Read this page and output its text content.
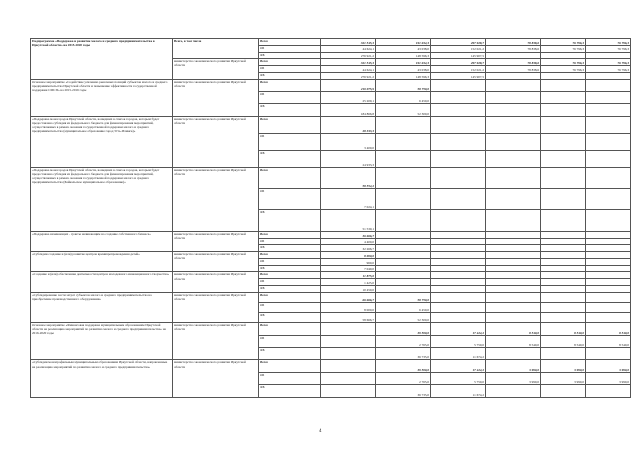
Подпрограмма «Поддержка и развитие малого и среднего предпринимательства в Иркутской области» на 2015-2020 годы	Всего, в том числе	Всего	321 545,3	191 634,3	297 928,7	78 838,6	76 796,3	76 796,3
		ОБ	44 624,1	43 038,0	152 021,2	78 838,6	76 796,3	76 796,3
		ФБ	276 921,2	148 596,3	145 907,5			
	министерство экономического развития Иркутской области	Всего	321 545,3	191 634,3	297 928,7	78 838,6	76 796,3	76 796,3
		ОБ	44 624,1	43 038,0	152 021,2	78 838,6	76 796,3	76 796,3
		ФБ	276 921,2	148 596,3	145 907,5			
Основное мероприятие «Содействие усилению рыночных позиций субъектов малого и среднего предпринимательства Иркутской области и повышение эффективности государственной поддержки СМСП» на 2015-2016 годы	министерство экономического развития Иркутской области	Всего	210 075,9	58 750,0				
		ОБ	25 209,1	6 450,0				
		ФБ	184 866,8	52 300,0				
«Поддержка моногородов Иркутской области, вошедших в список городов, которым будет предоставлена субсидия из федерального бюджета для финансирования мероприятий, осуществляемых в рамках оказания государственной поддержки малого и среднего предпринимательства (муниципальное образование город Усть-Илимск)»	министерство экономического развития Иркутской области	Всего	28 333,3					
		ОБ	3 400,0					
		ФБ	24 933,3					
«Поддержка моногородов Иркутской области, вошедших в список городов, которым будет предоставлена субсидия из федерального бюджета для финансирования мероприятий, осуществляемых в рамках оказания государственной поддержки малого и среднего предпринимательства (Байкальское муниципальное образование)»	министерство экономического развития Иркутской области	Всего	58 554,2					
		ОБ	7 024,1					
		ФБ	51 530,1					
«Поддержка начинающих - гранты начинающим на создание собственного бизнеса»	министерство экономического развития Иркутской области	Всего	36 666,7					
		ОБ	4 400,0					
		ФБ	32 266,7					
«Субсидии создание и (или) развитие центров времяпрепровождения детей»	министерство экономического развития Иркутской области	Всего	8 000,0					
		ОБ	960,0					
		ФБ	7 040,0					
«Создание и (или) обеспечение деятельности центров молодежного инновационного творчества»	министерство экономического развития Иркутской области	Всего	11 875,0					
		ОБ	1 425,0					
		ФБ	10 450,0					
«Субсидирование части затрат субъектов малого и среднего предпринимательства на приобретение производственного оборудования»	министерство экономического развития Иркутской области	Всего	66 666,7	58 750,0				
		ОБ	8 000,0	6 450,0				
		ФБ	58 666,7	52 300,0				
Основное мероприятие «Финансовая поддержка муниципальным образованиям Иркутской области на реализацию мероприятий по развитию малого и среднего предпринимательства» на 2016-2020 годы	министерство экономического развития Иркутской области	Всего		39 500,0	17 424,2	8 540,0	8 540,0	8 540,0
		ОБ		2 765,0	5 750,0	8 540,0	8 540,0	8 540,0
		ФБ		36 735,0	11 674,2			
«Субсидии монопрофильным муниципальным образованиям Иркутской области, направленные на реализацию мероприятий по развитию малого и среднего предпринимательства»	министерство экономического развития Иркутской области	Всего		39 500,0	17 424,2	3 990,0	3 990,0	3 990,0
		ОБ		2 765,0	5 750,0	3 990,0	3 990,0	3 990,0
		ФБ		36 735,0	11 674,2			
4
